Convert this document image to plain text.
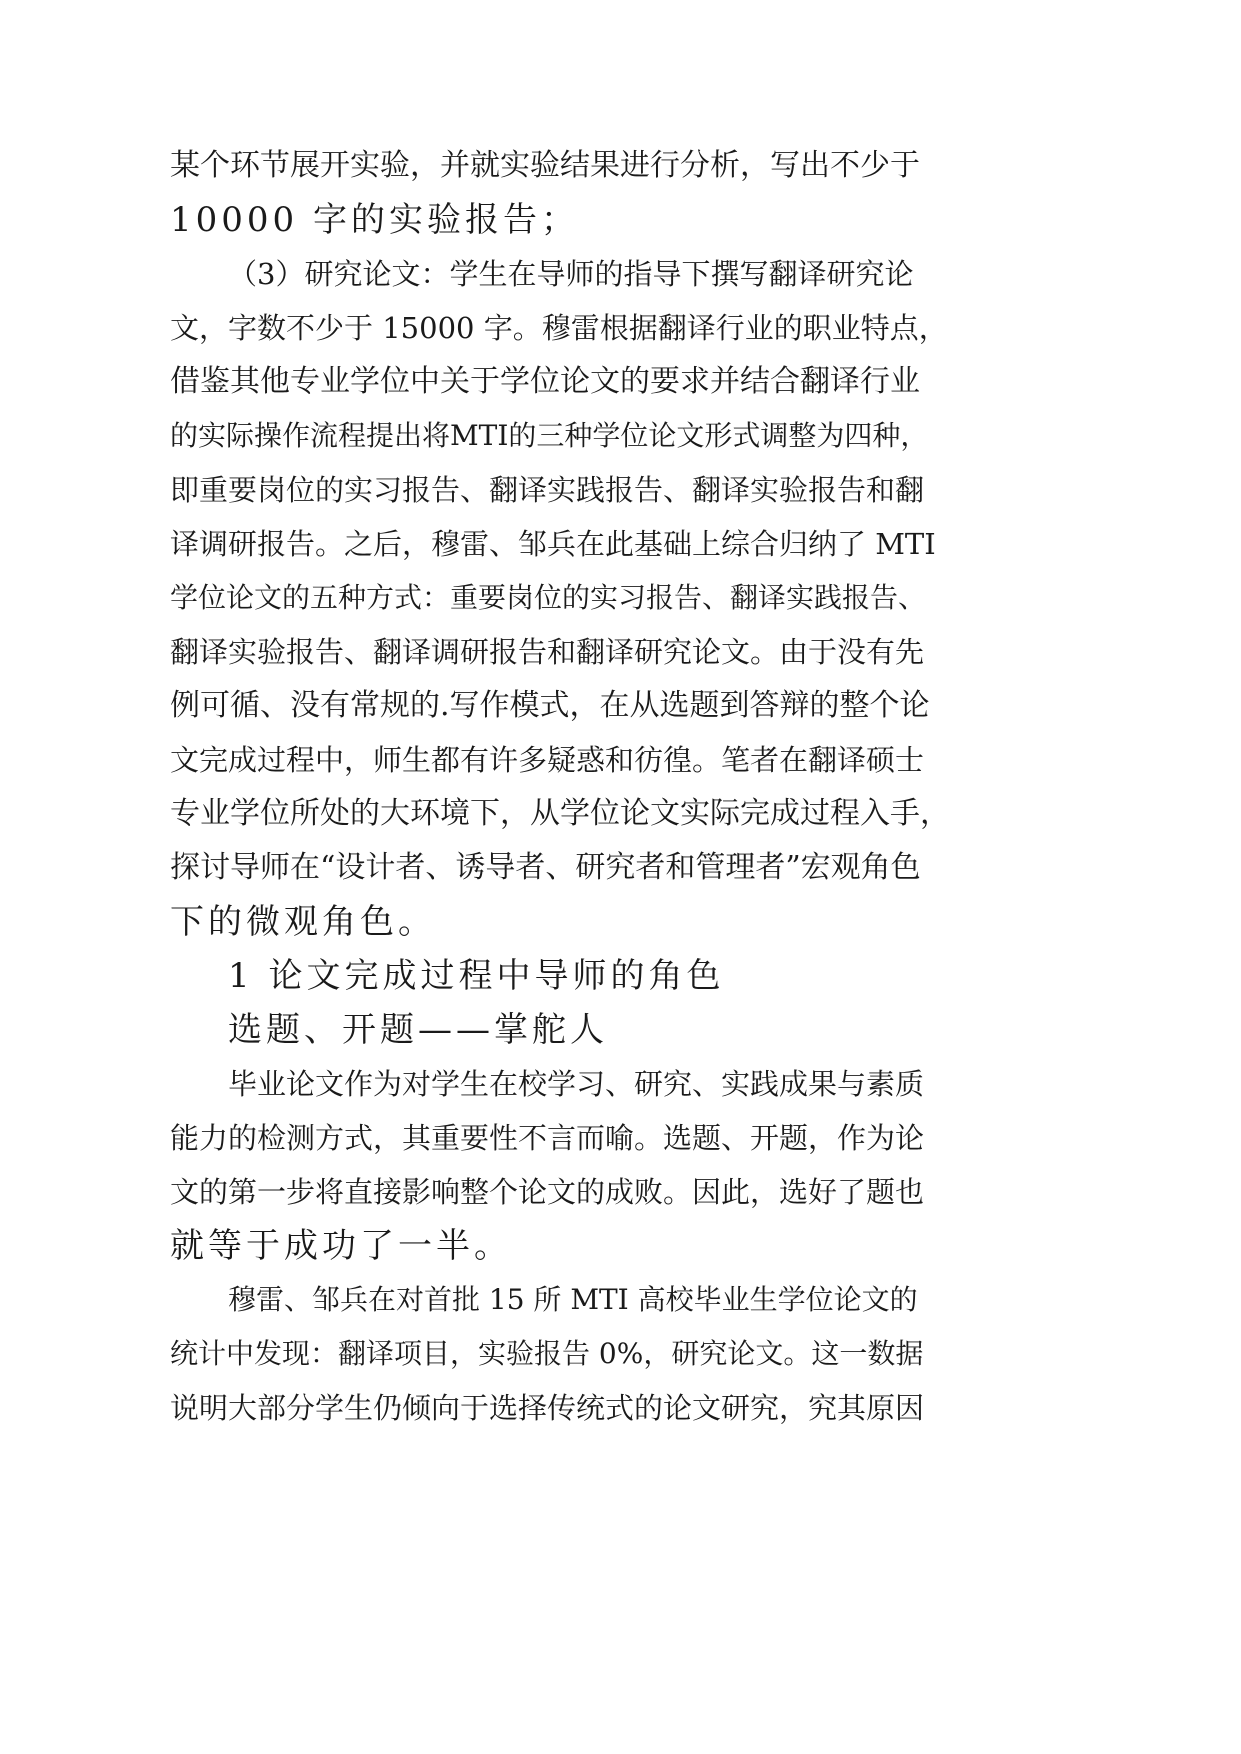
某个环节展开实验，并就实验结果进行分析，写出不少于
10000 字的实验报告；
（3）研究论文：学生在导师的指导下撰写翻译研究论
文，字数不少于 15000 字。穆雷根据翻译行业的职业特点，
借鉴其他专业学位中关于学位论文的要求并结合翻译行业
的实际操作流程提出将MTI的三种学位论文形式调整为四种，
即重要岗位的实习报告、翻译实践报告、翻译实验报告和翻
译调研报告。之后，穆雷、邹兵在此基础上综合归纳了 MTI
学位论文的五种方式：重要岗位的实习报告、翻译实践报告、
翻译实验报告、翻译调研报告和翻译研究论文。由于没有先
例可循、没有常规的.写作模式，在从选题到答辩的整个论
文完成过程中，师生都有许多疑惑和彷徨。笔者在翻译硕士
专业学位所处的大环境下，从学位论文实际完成过程入手，
探讨导师在“设计者、诱导者、研究者和管理者”宏观角色
下的微观角色。
1 论文完成过程中导师的角色
选题、开题——掌舵人
毕业论文作为对学生在校学习、研究、实践成果与素质
能力的检测方式，其重要性不言而喻。选题、开题，作为论
文的第一步将直接影响整个论文的成败。因此，选好了题也
就等于成功了一半。
穆雷、邹兵在对首批 15 所 MTI 高校毕业生学位论文的
统计中发现：翻译项目，实验报告 0%，研究论文。这一数据
说明大部分学生仍倾向于选择传统式的论文研究，究其原因
